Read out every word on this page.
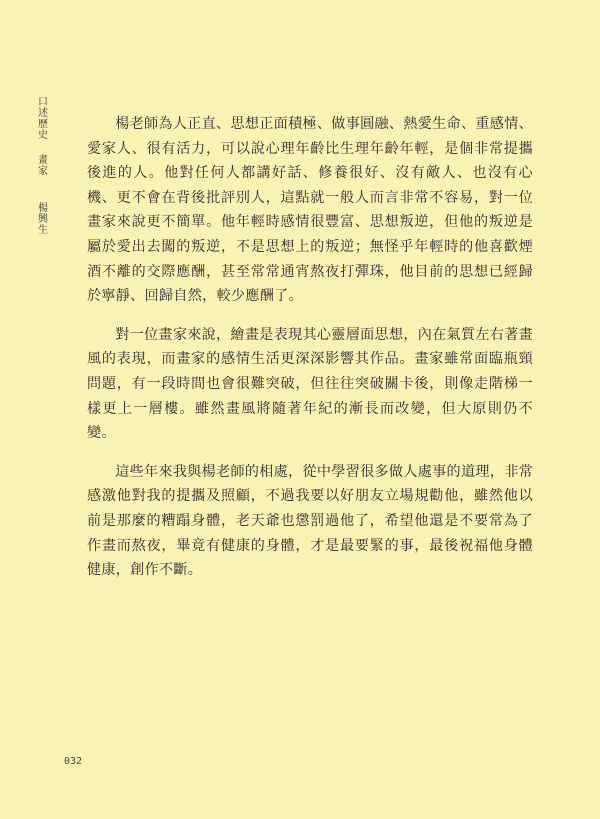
口述歷史
畫家
楊興生

楊老師為人正直、思想正面積極、做事圓融、熱愛生命、重感情、愛家人、很有活力，可以說心理年齡比生理年齡年輕，是個非常提攜後進的人。他對任何人都講好話、修養很好、沒有敵人、也沒有心機、更不會在背後批評別人，這點就一般人而言非常不容易，對一位畫家來說更不簡單。他年輕時感情很豐富、思想叛逆，但他的叛逆是屬於愛出去闖的叛逆，不是思想上的叛逆；無怪乎年輕時的他喜歡煙酒不離的交際應酬，甚至常常通宵熬夜打彈珠，他目前的思想已經歸於寧靜、回歸自然，較少應酬了。

對一位畫家來說，繪畫是表現其心靈層面思想，內在氣質左右著畫風的表現，而畫家的感情生活更深深影響其作品。畫家雖常面臨瓶頸問題，有一段時間也會很難突破，但往往突破關卡後，則像走階梯一樣更上一層樓。雖然畫風將隨著年紀的漸長而改變，但大原則仍不變。

這些年來我與楊老師的相處，從中學習很多做人處事的道理，非常感激他對我的提攜及照顧，不過我要以好朋友立場規勸他，雖然他以前是那麼的糟蹋身體，老天爺也懲罰過他了，希望他還是不要常為了作畫而熬夜，畢竟有健康的身體，才是最要緊的事，最後祝福他身體健康，創作不斷。

032
